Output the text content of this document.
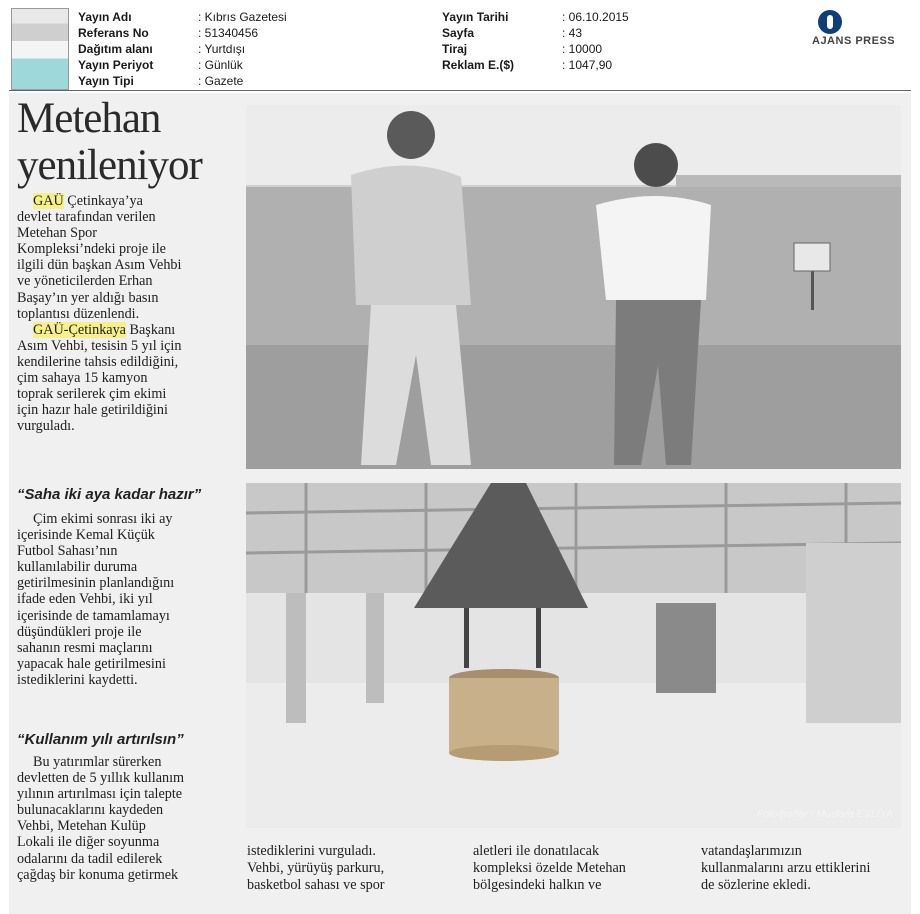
Yayın Adı	: Kıbrıs Gazetesi
Referans No	: 51340456
Dağıtım alanı	: Yurtdışı
Yayın Periyot	: Günlük
Yayın Tipi	: Gazete
Yayın Tarihi	: 06.10.2015
Sayfa	: 43
Tiraj	: 10000
Reklam E.($)	: 1047,90
AJANS PRESS
Metehan
yenileniyor
GAÜ Çetinkaya’ya
devlet tarafından verilen
Metehan Spor
Kompleksi’ndeki proje ile
ilgili dün başkan Asım Vehbi
ve yöneticilerden Erhan
Başay’ın yer aldığı basın
toplantısı düzenlendi.
GAÜ-Çetinkaya Başkanı
Asım Vehbi, tesisin 5 yıl için
kendilerine tahsis edildiğini,
çim sahaya 15 kamyon
toprak serilerek çim ekimi
için hazır hale getirildiğini
vurguladı.
“Saha iki aya kadar hazır”
Çim ekimi sonrası iki ay
içerisinde Kemal Küçük
Futbol Sahası’nın
kullanılabilir duruma
getirilmesinin planlandığını
ifade eden Vehbi, iki yıl
içerisinde de tamamlamayı
düşündükleri proje ile
sahanın resmi maçlarını
yapacak hale getirilmesini
istediklerini kaydetti.
“Kullanım yılı artırılsın”
Bu yatırımlar sürerken
devletten de 5 yıllık kullanım
yılının artırılması için talepte
bulunacaklarını kaydeden
Vehbi, Metehan Kulüp
Lokali ile diğer soyunma
odalarını da tadil edilerek
çağdaş bir konuma getirmek
Fotoğraflar / Mustafa EVLİYA
istediklerini vurguladı.
Vehbi, yürüyüş parkuru,
basketbol sahası ve spor
aletleri ile donatılacak
kompleksi özelde Metehan
bölgesindeki halkın ve
vatandaşlarımızın
kullanmalarını arzu ettiklerini
de sözlerine ekledi.
